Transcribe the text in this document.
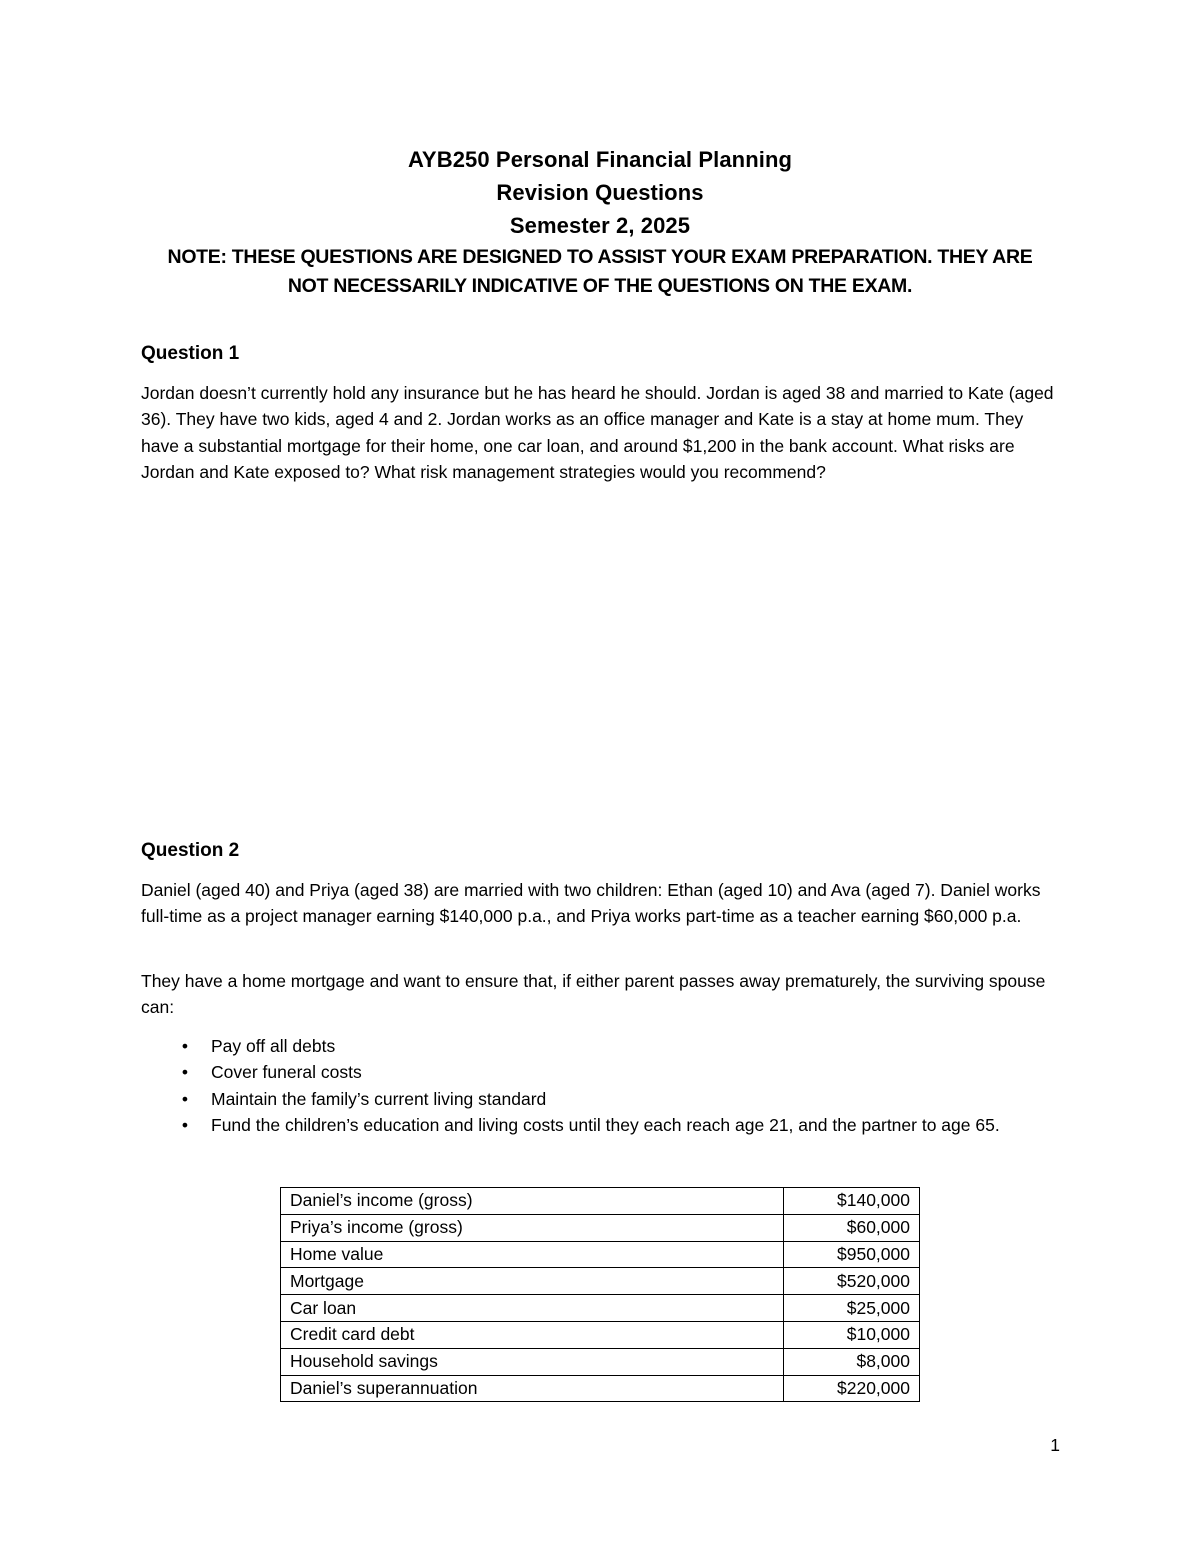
AYB250 Personal Financial Planning
Revision Questions
Semester 2, 2025
NOTE: THESE QUESTIONS ARE DESIGNED TO ASSIST YOUR EXAM PREPARATION. THEY ARE
NOT NECESSARILY INDICATIVE OF THE QUESTIONS ON THE EXAM.
Question 1
Jordan doesn’t currently hold any insurance but he has heard he should. Jordan is aged 38 and married to Kate (aged 36). They have two kids, aged 4 and 2. Jordan works as an office manager and Kate is a stay at home mum. They have a substantial mortgage for their home, one car loan, and around $1,200 in the bank account. What risks are Jordan and Kate exposed to? What risk management strategies would you recommend?
Question 2
Daniel (aged 40) and Priya (aged 38) are married with two children: Ethan (aged 10) and Ava (aged 7). Daniel works full-time as a project manager earning $140,000 p.a., and Priya works part-time as a teacher earning $60,000 p.a.
They have a home mortgage and want to ensure that, if either parent passes away prematurely, the surviving spouse can:
•	Pay off all debts
•	Cover funeral costs
•	Maintain the family’s current living standard
•	Fund the children’s education and living costs until they each reach age 21, and the partner to age 65.
Daniel’s income (gross)	$140,000
Priya’s income (gross)	$60,000
Home value	$950,000
Mortgage	$520,000
Car loan	$25,000
Credit card debt	$10,000
Household savings	$8,000
Daniel’s superannuation	$220,000
1
